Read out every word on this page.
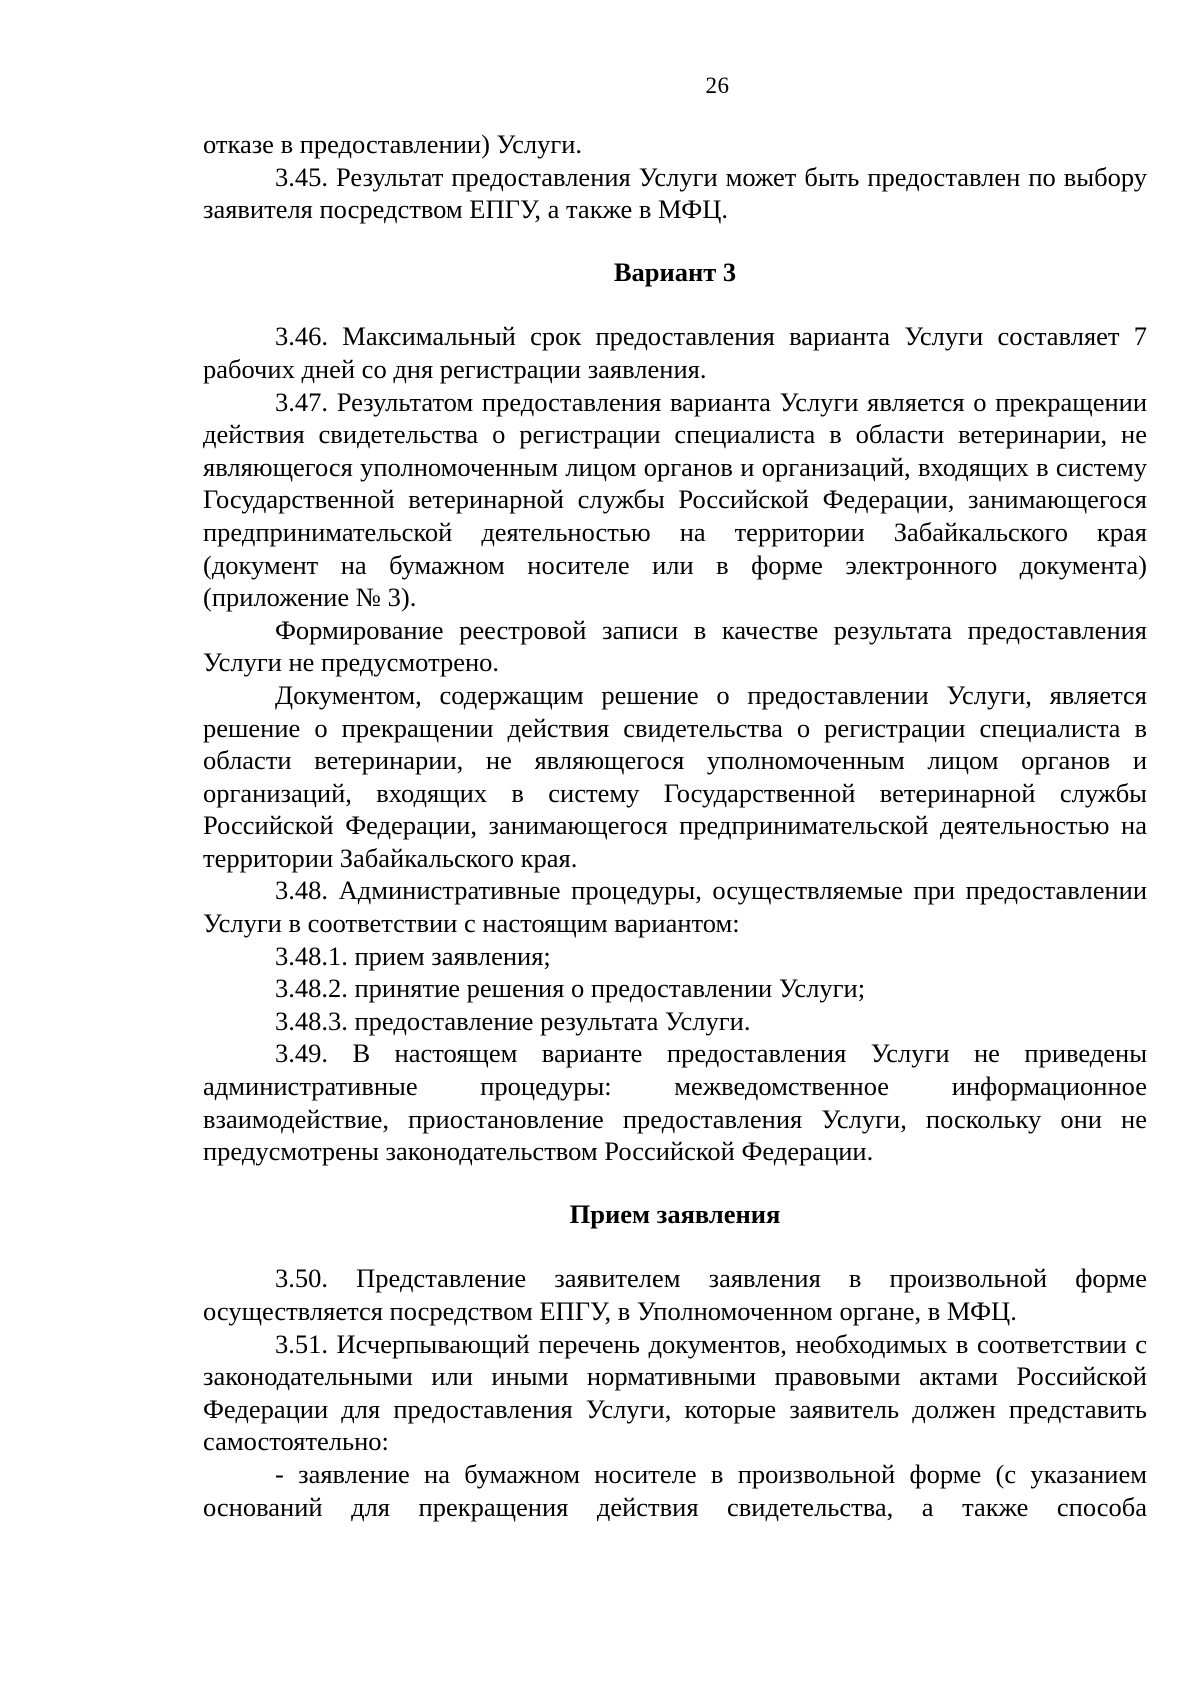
26

отказе в предоставлении) Услуги.

3.45. Результат предоставления Услуги может быть предоставлен по выбору заявителя посредством ЕПГУ, а также в МФЦ.

Вариант 3

3.46. Максимальный срок предоставления варианта Услуги составляет 7 рабочих дней со дня регистрации заявления.

3.47. Результатом предоставления варианта Услуги является о прекращении действия свидетельства о регистрации специалиста в области ветеринарии, не являющегося уполномоченным лицом органов и организаций, входящих в систему Государственной ветеринарной службы Российской Федерации, занимающегося предпринимательской деятельностью на территории Забайкальского края (документ на бумажном носителе или в форме электронного документа) (приложение № 3).

Формирование реестровой записи в качестве результата предоставления Услуги не предусмотрено.

Документом, содержащим решение о предоставлении Услуги, является решение о прекращении действия свидетельства о регистрации специалиста в области ветеринарии, не являющегося уполномоченным лицом органов и организаций, входящих в систему Государственной ветеринарной службы Российской Федерации, занимающегося предпринимательской деятельностью на территории Забайкальского края.

3.48. Административные процедуры, осуществляемые при предоставлении Услуги в соответствии с настоящим вариантом:

3.48.1. прием заявления;

3.48.2. принятие решения о предоставлении Услуги;

3.48.3. предоставление результата Услуги.

3.49. В настоящем варианте предоставления Услуги не приведены административные процедуры: межведомственное информационное взаимодействие, приостановление предоставления Услуги, поскольку они не предусмотрены законодательством Российской Федерации.

Прием заявления

3.50. Представление заявителем заявления в произвольной форме осуществляется посредством ЕПГУ, в Уполномоченном органе, в МФЦ.

3.51. Исчерпывающий перечень документов, необходимых в соответствии с законодательными или иными нормативными правовыми актами Российской Федерации для предоставления Услуги, которые заявитель должен представить самостоятельно:

- заявление на бумажном носителе в произвольной форме (с указанием оснований для прекращения действия свидетельства, а также способа
